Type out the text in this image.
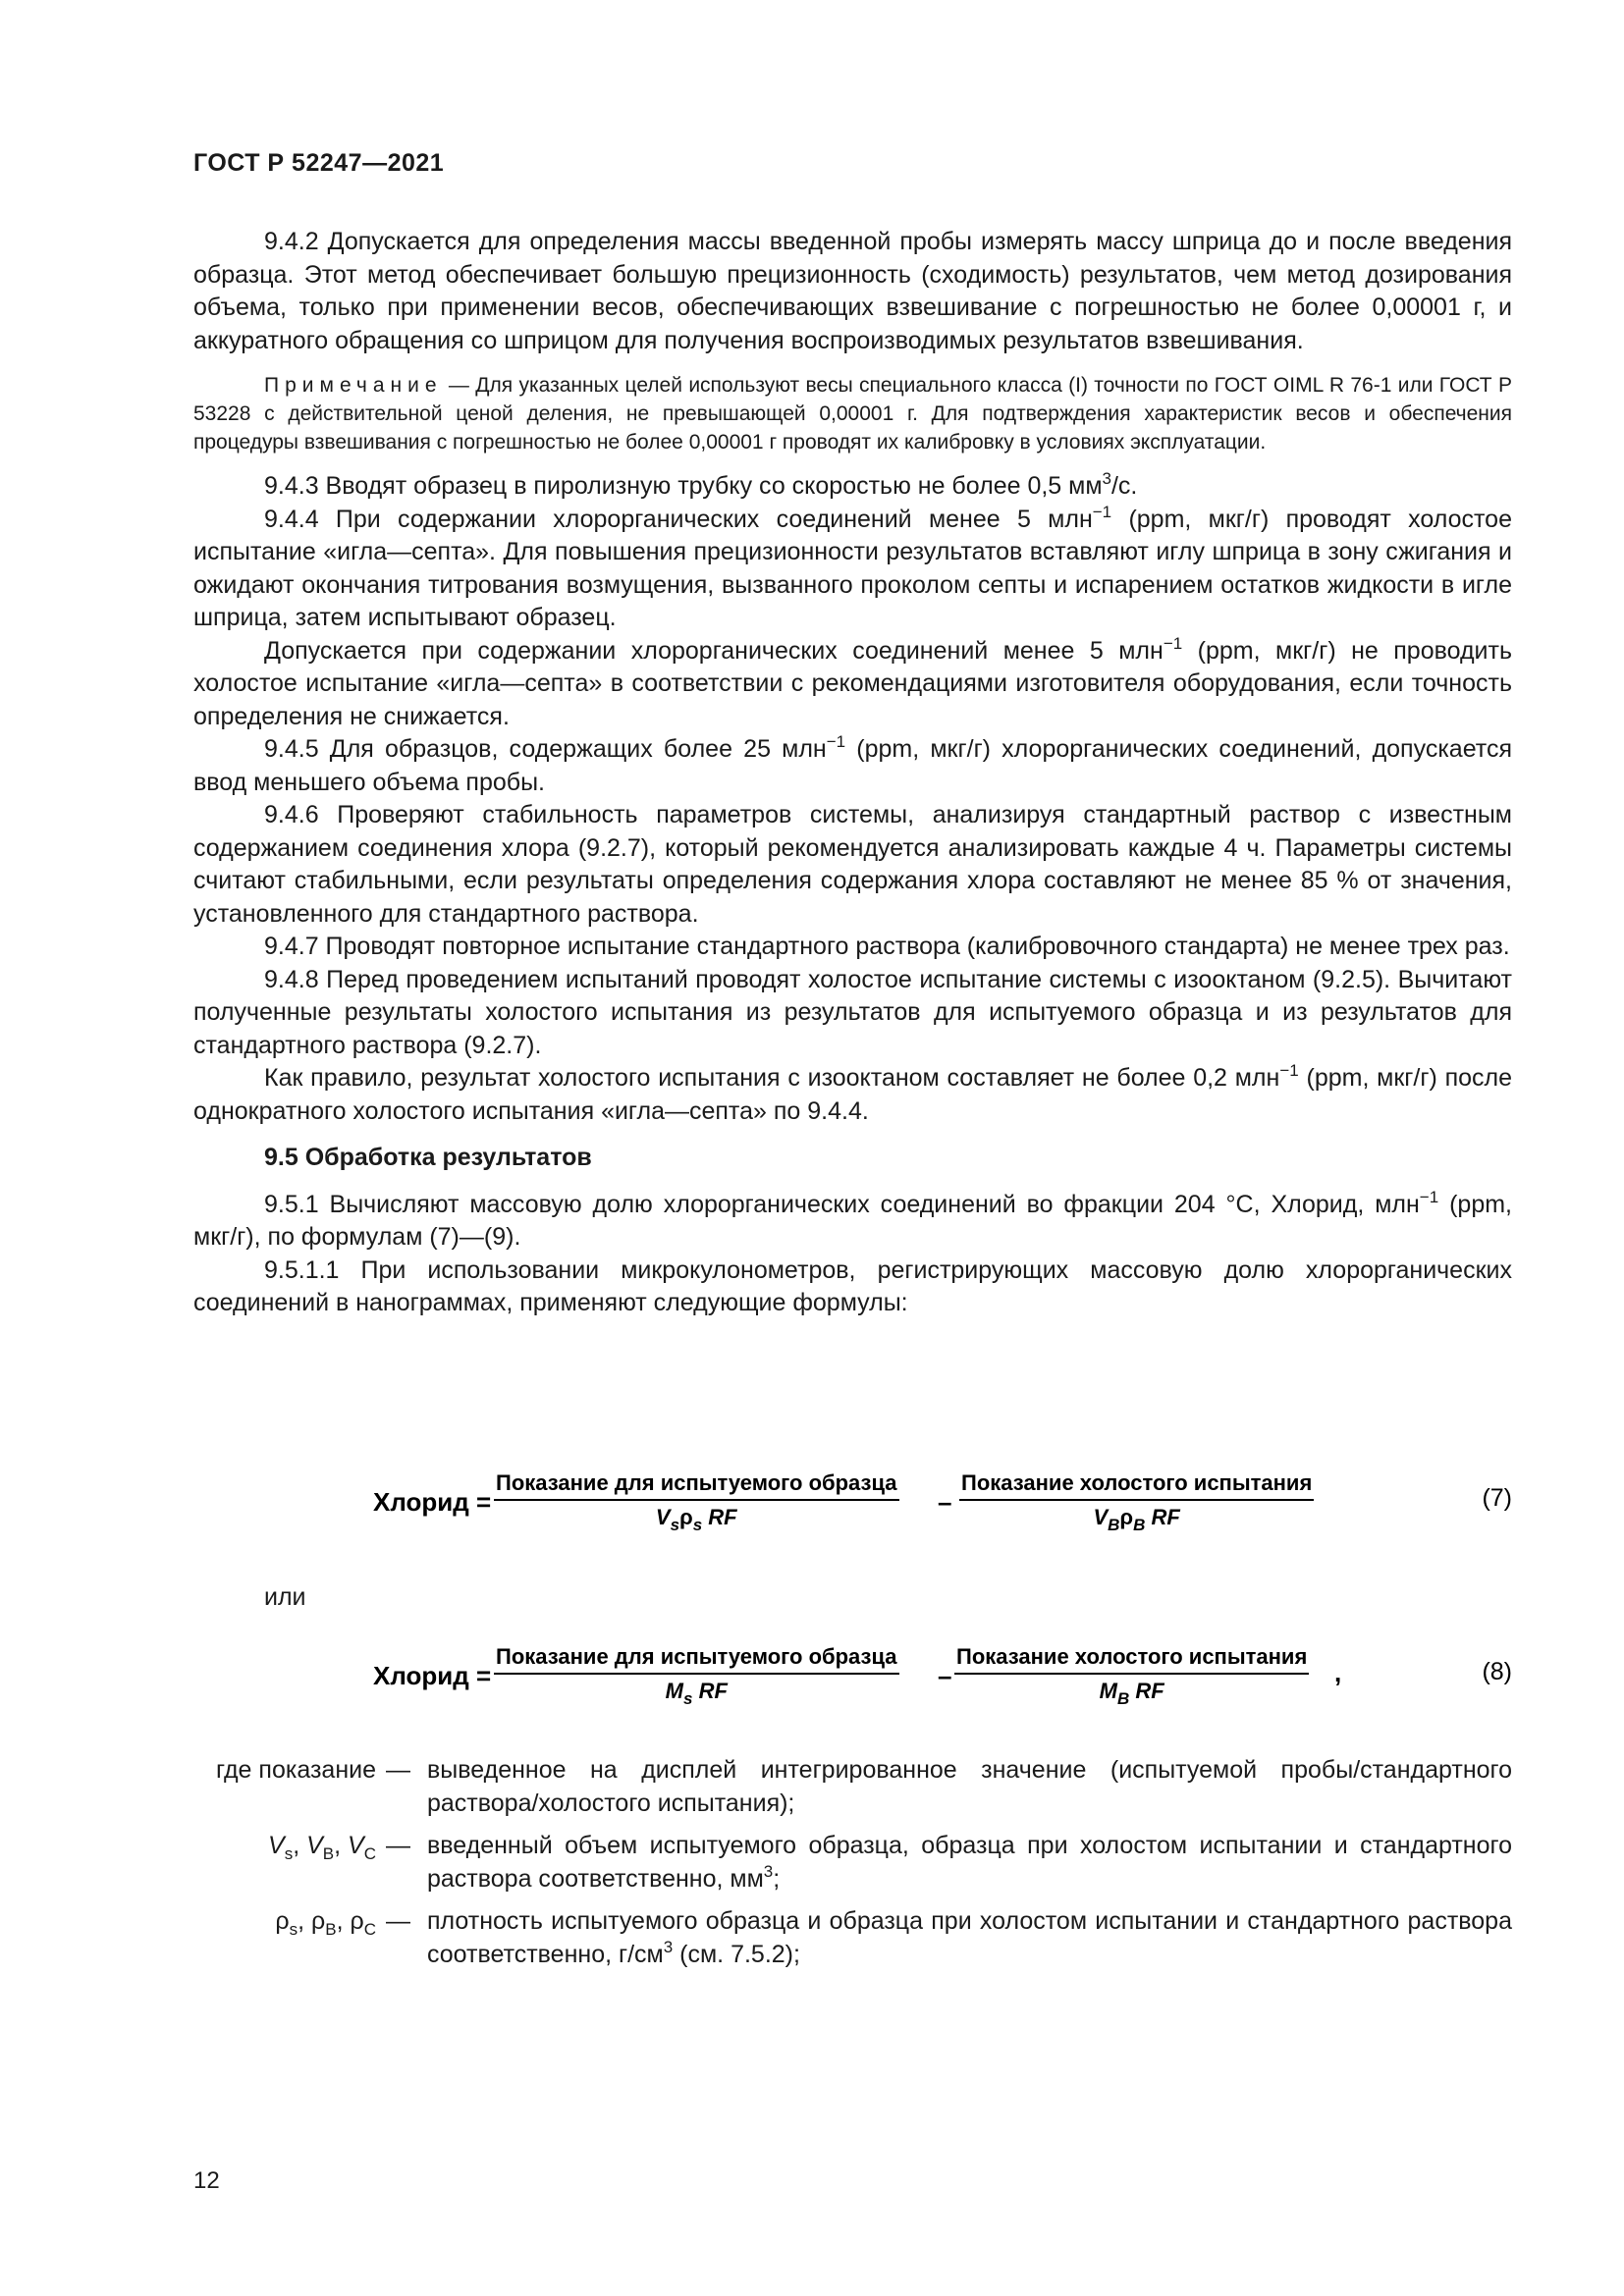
ГОСТ Р 52247—2021

9.4.2 Допускается для определения массы введенной пробы измерять массу шприца до и после введения образца. Этот метод обеспечивает большую прецизионность (сходимость) результатов, чем метод дозирования объема, только при применении весов, обеспечивающих взвешивание с погрешностью не более 0,00001 г, и аккуратного обращения со шприцом для получения воспроизводимых результатов взвешивания.

Примечание — Для указанных целей используют весы специального класса (I) точности по ГОСТ OIML R 76-1 или ГОСТ Р 53228 с действительной ценой деления, не превышающей 0,00001 г. Для подтверждения характеристик весов и обеспечения процедуры взвешивания с погрешностью не более 0,00001 г проводят их калибровку в условиях эксплуатации.

9.4.3 Вводят образец в пиролизную трубку со скоростью не более 0,5 $мм^3/с$.

9.4.4 При содержании хлорорганических соединений менее 5 млн$^{-1}$ (ppm, мкг/г) проводят холостое испытание «игла—септа». Для повышения прецизионности результатов вставляют иглу шприца в зону сжигания и ожидают окончания титрования возмущения, вызванного проколом септы и испарением остатков жидкости в игле шприца, затем испытывают образец.

Допускается при содержании хлорорганических соединений менее 5 млн$^{-1}$ (ppm, мкг/г) не проводить холостое испытание «игла—септа» в соответствии с рекомендациями изготовителя оборудования, если точность определения не снижается.

9.4.5 Для образцов, содержащих более 25 млн$^{-1}$ (ppm, мкг/г) хлорорганических соединений, допускается ввод меньшего объема пробы.

9.4.6 Проверяют стабильность параметров системы, анализируя стандартный раствор с известным содержанием соединения хлора (9.2.7), который рекомендуется анализировать каждые 4 ч. Параметры системы считают стабильными, если результаты определения содержания хлора составляют не менее 85 % от значения, установленного для стандартного раствора.

9.4.7 Проводят повторное испытание стандартного раствора (калибровочного стандарта) не менее трех раз.

9.4.8 Перед проведением испытаний проводят холостое испытание системы с изооктаном (9.2.5). Вычитают полученные результаты холостого испытания из результатов для испытуемого образца и из результатов для стандартного раствора (9.2.7).

Как правило, результат холостого испытания с изооктаном составляет не более 0,2 млн$^{-1}$ (ppm, мкг/г) после однократного холостого испытания «игла—септа» по 9.4.4.

9.5 Обработка результатов

9.5.1 Вычисляют массовую долю хлорорганических соединений во фракции 204 °С, Хлорид, млн$^{-1}$ (ppm, мкг/г), по формулам (7)—(9).

9.5.1.1 При использовании микрокулонометров, регистрирующих массовую долю хлорорганических соединений в нанограммах, применяют следующие формулы:

Хлорид =
Показание для испытуемого образца
$V_s\rho_s$ RF
–
Показание холостого испытания
$V_B\rho_B$ RF
(7)
или
Хлорид =
Показание для испытуемого образца
$M_s$ RF
–
Показание холостого испытания
$M_B$ RF
,	(8)
где показание — выведенное на дисплей интегрированное значение (испытуемой пробы/стандартного раствора/холостого испытания);
$V_s$, $V_B$, $V_C$ — введенный объем испытуемого образца, образца при холостом испытании и стандартного раствора соответственно, $мм^3$;
$\rho_s$, $\rho_B$, $\rho_C$ — плотность испытуемого образца и образца при холостом испытании и стандартного раствора соответственно, $г/см^3$ (см. 7.5.2);
12
